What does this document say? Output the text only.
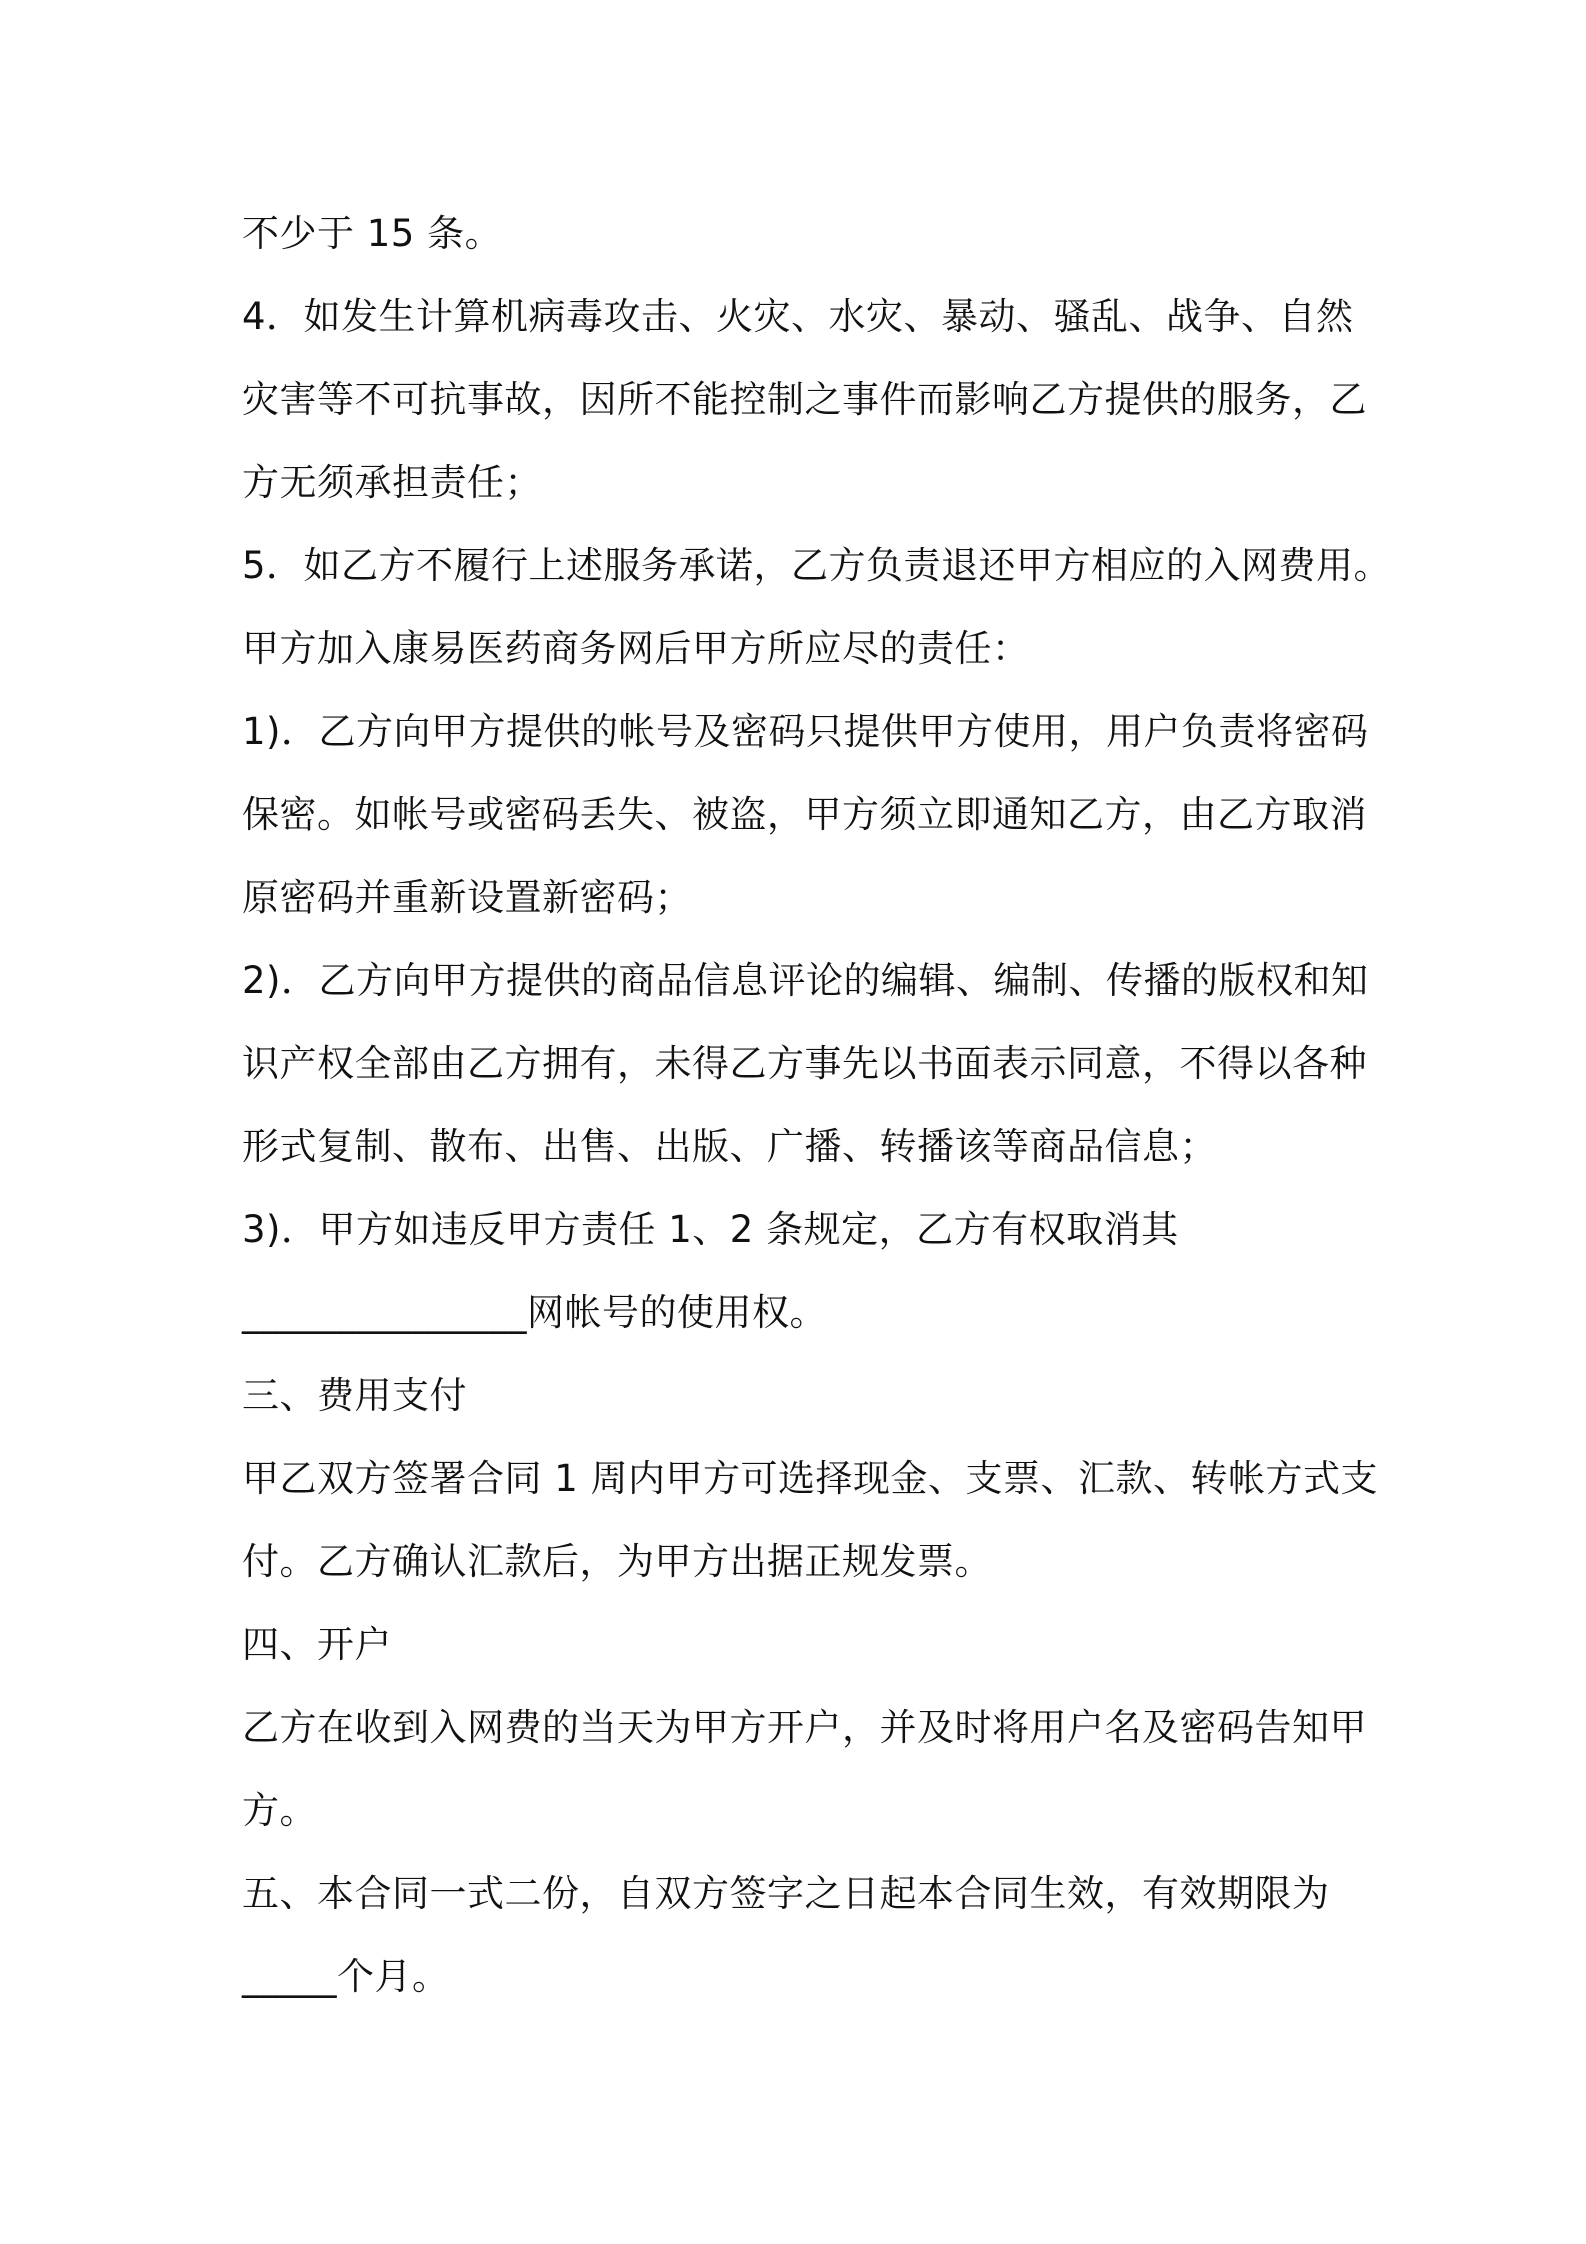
不少于 15 条。
4．如发生计算机病毒攻击、火灾、水灾、暴动、骚乱、战争、自然
灾害等不可抗事故，因所不能控制之事件而影响乙方提供的服务，乙
方无须承担责任；
5．如乙方不履行上述服务承诺，乙方负责退还甲方相应的入网费用。
甲方加入康易医药商务网后甲方所应尽的责任：
1)．乙方向甲方提供的帐号及密码只提供甲方使用，用户负责将密码
保密。如帐号或密码丢失、被盗，甲方须立即通知乙方，由乙方取消
原密码并重新设置新密码；
2)．乙方向甲方提供的商品信息评论的编辑、编制、传播的版权和知
识产权全部由乙方拥有，未得乙方事先以书面表示同意，不得以各种
形式复制、散布、出售、出版、广播、转播该等商品信息；
3)．甲方如违反甲方责任 1、2 条规定，乙方有权取消其
_______________网帐号的使用权。
三、费用支付
甲乙双方签署合同 1 周内甲方可选择现金、支票、汇款、转帐方式支
付。乙方确认汇款后，为甲方出据正规发票。
四、开户
乙方在收到入网费的当天为甲方开户，并及时将用户名及密码告知甲
方。
五、本合同一式二份，自双方签字之日起本合同生效，有效期限为
_____个月。
